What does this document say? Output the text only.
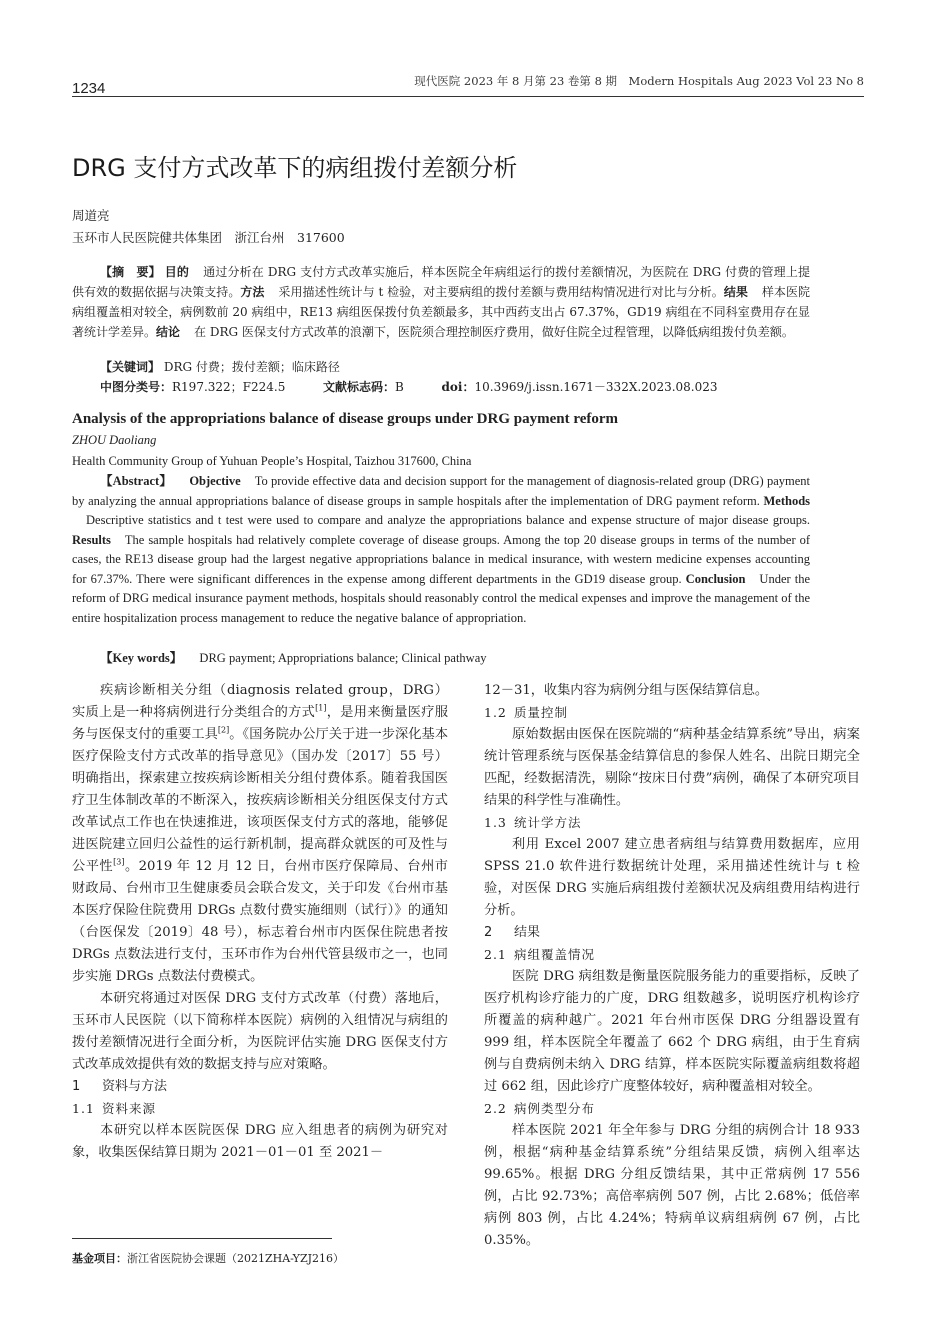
1234	现代医院 2023 年 8 月第 23 卷第 8 期　Modern Hospitals Aug 2023 Vol 23 No 8
DRG 支付方式改革下的病组拨付差额分析
周道亮
玉环市人民医院健共体集团　浙江台州　317600
【摘　要】 目的 通过分析在 DRG 支付方式改革实施后，样本医院全年病组运行的拨付差额情况，为医院在 DRG 付费的管理上提供有效的数据依据与决策支持。方法 采用描述性统计与 t 检验，对主要病组的拨付差额与费用结构情况进行对比与分析。结果 样本医院病组覆盖相对较全，病例数前 20 病组中，RE13 病组医保拨付负差额最多，其中西药支出占 67.37%，GD19 病组在不同科室费用存在显著统计学差异。结论 在 DRG 医保支付方式改革的浪潮下，医院须合理控制医疗费用，做好住院全过程管理，以降低病组拨付负差额。
【关键词】 DRG 付费；拨付差额；临床路径
中图分类号：R197.322；F224.5	文献标志码：B	doi：10.3969/j.issn.1671－332X.2023.08.023
Analysis of the appropriations balance of disease groups under DRG payment reform
ZHOU Daoliang
Health Community Group of Yuhuan People’s Hospital, Taizhou 317600, China
【Abstract】 Objective To provide effective data and decision support for the management of diagnosis-related group (DRG) payment by analyzing the annual appropriations balance of disease groups in sample hospitals after the implementation of DRG payment reform. MethodsDescriptive statistics and t test were used to compare and analyze the appropriations balance and expense structure of major disease groups. Results The sample hospitals had relatively complete coverage of disease groups. Among the top 20 disease groups in terms of the number of cases, the RE13 disease group had the largest negative appropriations balance in medical insurance, with western medicine expenses accounting for 67.37%. There were significant differences in the expense among different departments in the GD19 disease group. Conclusion Under the reform of DRG medical insurance payment methods, hospitals should reasonably control the medical expenses and improve the management of the entire hospitalization process management to reduce the negative balance of appropriation.
【Key words】 DRG payment; Appropriations balance; Clinical pathway

疾病诊断相关分组（diagnosis related group，DRG）实质上是一种将病例进行分类组合的方式[1]，是用来衡量医疗服务与医保支付的重要工具[2]。《国务院办公厅关于进一步深化基本医疗保险支付方式改革的指导意见》（国办发〔2017〕55 号）明确指出，探索建立按疾病诊断相关分组付费体系。随着我国医疗卫生体制改革的不断深入，按疾病诊断相关分组医保支付方式改革试点工作也在快速推进，该项医保支付方式的落地，能够促进医院建立回归公益性的运行新机制，提高群众就医的可及性与公平性[3]。2019 年 12 月 12 日，台州市医疗保障局、台州市财政局、台州市卫生健康委员会联合发文，关于印发《台州市基本医疗保险住院费用 DRGs 点数付费实施细则（试行）》的通知（台医保发〔2019〕48 号），标志着台州市内医保住院患者按 DRGs 点数法进行支付，玉环市作为台州代管县级市之一，也同步实施 DRGs 点数法付费模式。

本研究将通过对医保 DRG 支付方式改革（付费）落地后，玉环市人民医院（以下简称样本医院）病例的入组情况与病组的拨付差额情况进行全面分析，为医院评估实施 DRG 医保支付方式改革成效提供有效的数据支持与应对策略。

1 资料与方法
1.1 资料来源

本研究以样本医院医保 DRG 应入组患者的病例为研究对象，收集医保结算日期为 2021－01－01 至 2021－

12－31，收集内容为病例分组与医保结算信息。

1.2 质量控制

原始数据由医保在医院端的“病种基金结算系统”导出，病案统计管理系统与医保基金结算信息的参保人姓名、出院日期完全匹配，经数据清洗，剔除“按床日付费”病例，确保了本研究项目结果的科学性与准确性。

1.3 统计学方法

利用 Excel 2007 建立患者病组与结算费用数据库，应用 SPSS 21.0 软件进行数据统计处理，采用描述性统计与 t 检验，对医保 DRG 实施后病组拨付差额状况及病组费用结构进行分析。

2 结果
2.1 病组覆盖情况

医院 DRG 病组数是衡量医院服务能力的重要指标，反映了医疗机构诊疗能力的广度，DRG 组数越多，说明医疗机构诊疗所覆盖的病种越广。2021 年台州市医保 DRG 分组器设置有 999 组，样本医院全年覆盖了 662 个 DRG 病组，由于生育病例与自费病例未纳入 DRG 结算，样本医院实际覆盖病组数将超过 662 组，因此诊疗广度整体较好，病种覆盖相对较全。

2.2 病例类型分布

样本医院 2021 年全年参与 DRG 分组的病例合计 18 933 例，根据“病种基金结算系统”分组结果反馈，病例入组率达 99.65%。根据 DRG 分组反馈结果，其中正常病例 17 556 例，占比 92.73%；高倍率病例 507 例，占比 2.68%；低倍率病例 803 例，占比 4.24%；特病单议病组病例 67 例，占比 0.35%。

基金项目：浙江省医院协会课题（2021ZHA-YZJ216）
